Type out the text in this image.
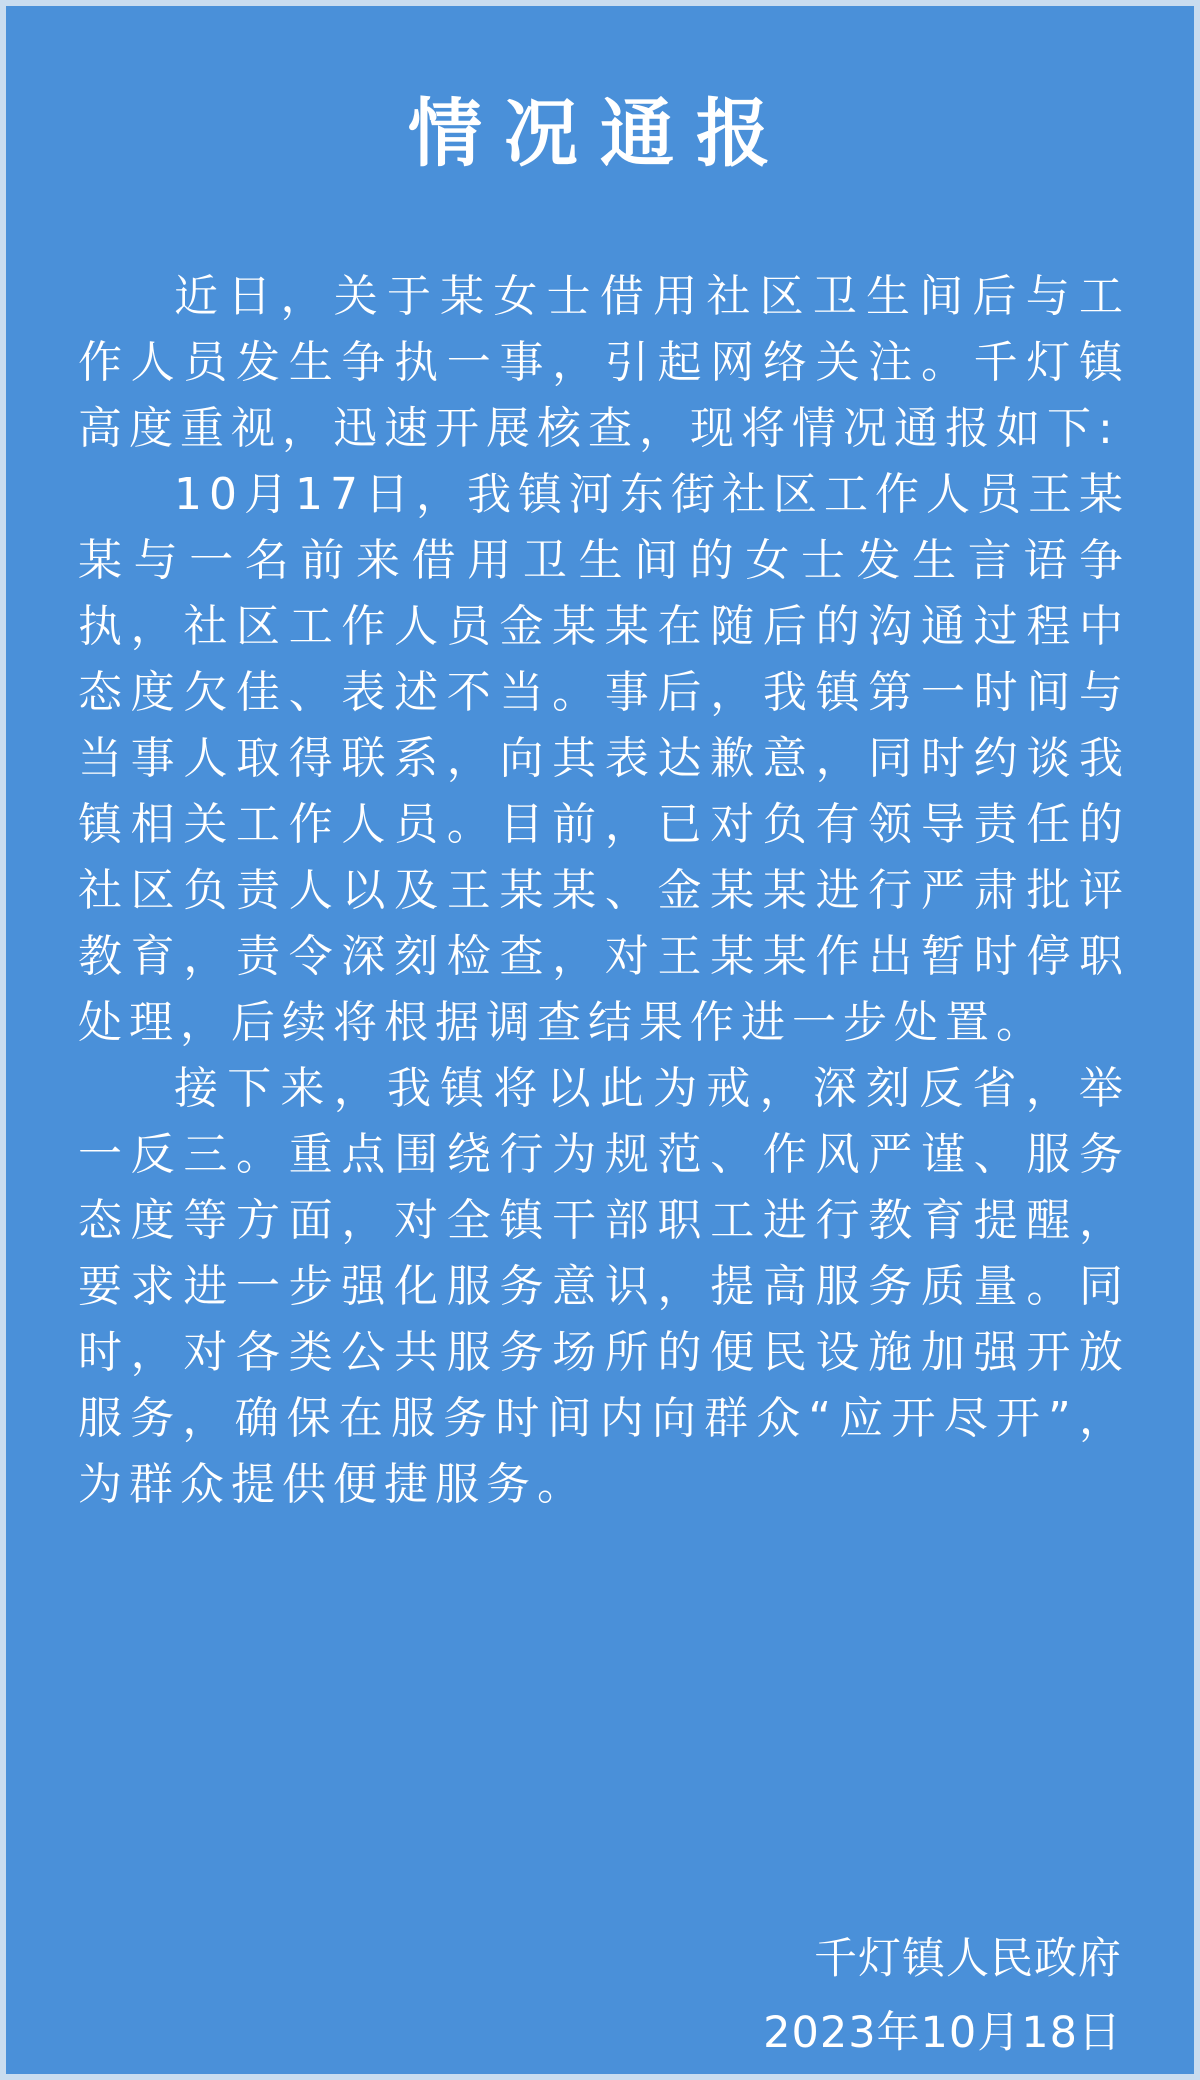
情况通报

近日，关于某女士借用社区卫生间后与工作人员发生争执一事，引起网络关注。千灯镇高度重视，迅速开展核查，现将情况通报如下:

10月17日，我镇河东街社区工作人员王某某与一名前来借用卫生间的女士发生言语争执，社区工作人员金某某在随后的沟通过程中态度欠佳、表述不当。事后，我镇第一时间与当事人取得联系，向其表达歉意，同时约谈我镇相关工作人员。目前，已对负有领导责任的社区负责人以及王某某、金某某进行严肃批评教育，责令深刻检查，对王某某作出暂时停职处理，后续将根据调查结果作进一步处置。

接下来，我镇将以此为戒，深刻反省，举一反三。重点围绕行为规范、作风严谨、服务态度等方面，对全镇干部职工进行教育提醒，要求进一步强化服务意识，提高服务质量。同时，对各类公共服务场所的便民设施加强开放服务，确保在服务时间内向群众“应开尽开”，为群众提供便捷服务。

千灯镇人民政府
2023年10月18日
